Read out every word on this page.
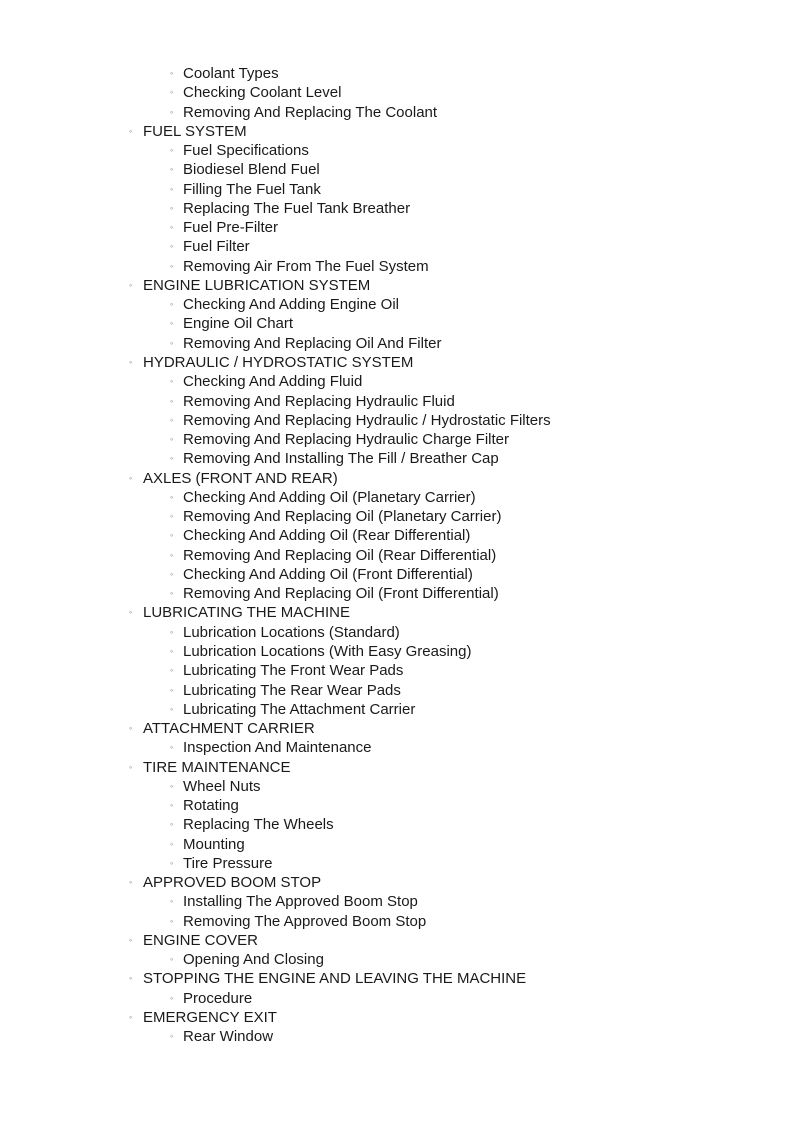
◦ Coolant Types
◦ Checking Coolant Level
◦ Removing And Replacing The Coolant
◦ FUEL SYSTEM
◦ Fuel Specifications
◦ Biodiesel Blend Fuel
◦ Filling The Fuel Tank
◦ Replacing The Fuel Tank Breather
◦ Fuel Pre-Filter
◦ Fuel Filter
◦ Removing Air From The Fuel System
◦ ENGINE LUBRICATION SYSTEM
◦ Checking And Adding Engine Oil
◦ Engine Oil Chart
◦ Removing And Replacing Oil And Filter
◦ HYDRAULIC / HYDROSTATIC SYSTEM
◦ Checking And Adding Fluid
◦ Removing And Replacing Hydraulic Fluid
◦ Removing And Replacing Hydraulic / Hydrostatic Filters
◦ Removing And Replacing Hydraulic Charge Filter
◦ Removing And Installing The Fill / Breather Cap
◦ AXLES (FRONT AND REAR)
◦ Checking And Adding Oil (Planetary Carrier)
◦ Removing And Replacing Oil (Planetary Carrier)
◦ Checking And Adding Oil (Rear Differential)
◦ Removing And Replacing Oil (Rear Differential)
◦ Checking And Adding Oil (Front Differential)
◦ Removing And Replacing Oil (Front Differential)
◦ LUBRICATING THE MACHINE
◦ Lubrication Locations (Standard)
◦ Lubrication Locations (With Easy Greasing)
◦ Lubricating The Front Wear Pads
◦ Lubricating The Rear Wear Pads
◦ Lubricating The Attachment Carrier
◦ ATTACHMENT CARRIER
◦ Inspection And Maintenance
◦ TIRE MAINTENANCE
◦ Wheel Nuts
◦ Rotating
◦ Replacing The Wheels
◦ Mounting
◦ Tire Pressure
◦ APPROVED BOOM STOP
◦ Installing The Approved Boom Stop
◦ Removing The Approved Boom Stop
◦ ENGINE COVER
◦ Opening And Closing
◦ STOPPING THE ENGINE AND LEAVING THE MACHINE
◦ Procedure
◦ EMERGENCY EXIT
◦ Rear Window
